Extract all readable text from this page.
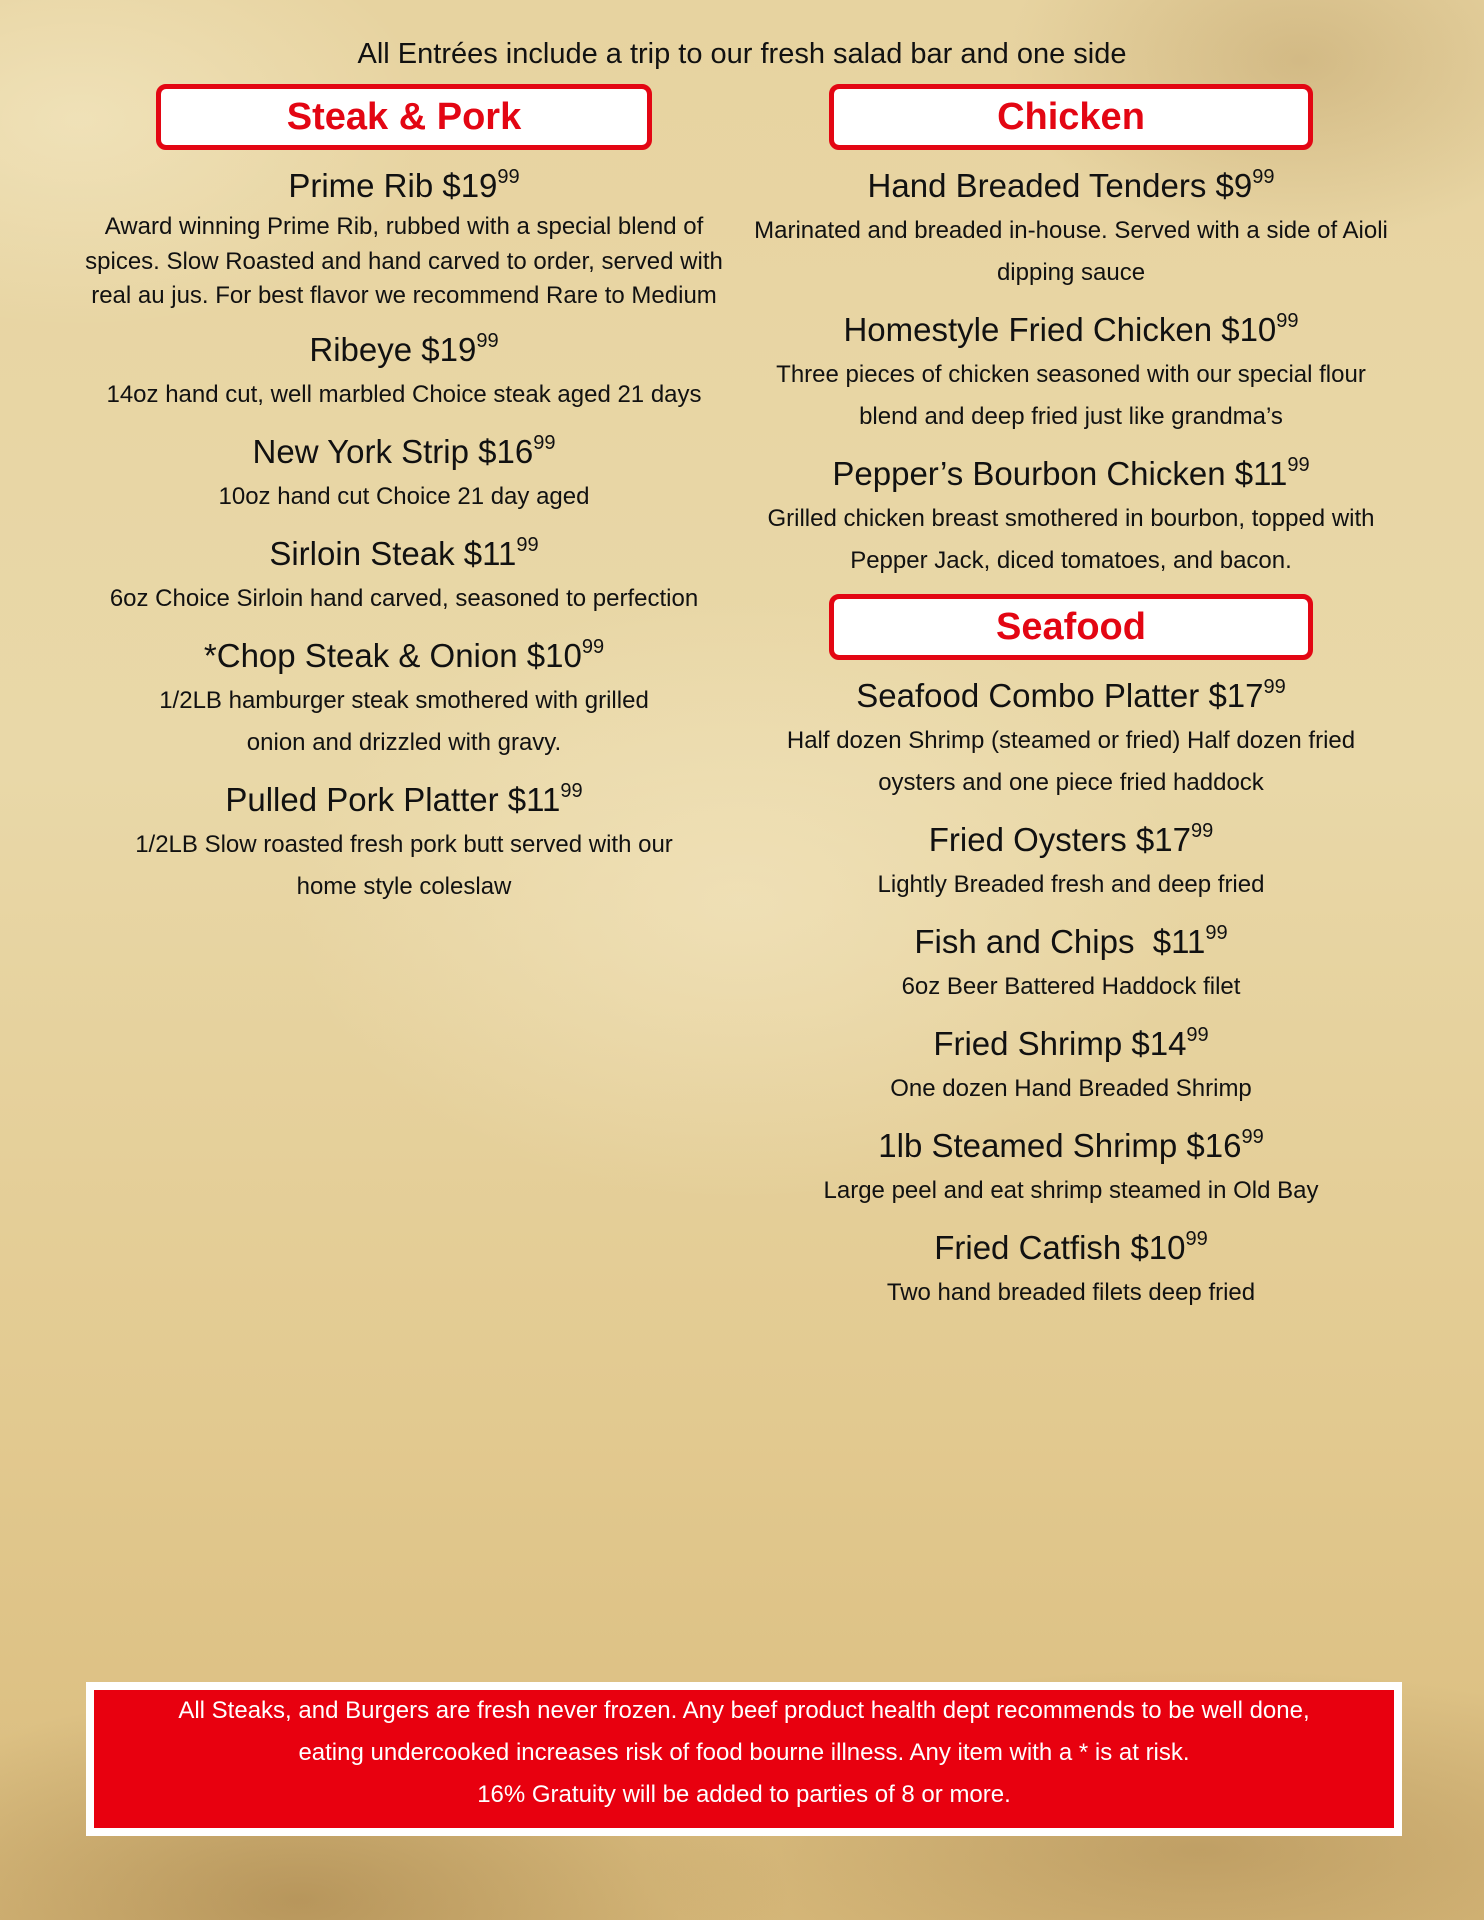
All Entrées include a trip to our fresh salad bar and one side
Steak & Pork

Prime Rib $\$19^{99}$

Award winning Prime Rib, rubbed with a special blend of spices. Slow Roasted and hand carved to order, served with real au jus. For best flavor we recommend Rare to Medium

Ribeye $\$19^{99}$

14oz hand cut, well marbled Choice steak aged 21 days

New York Strip $\$16^{99}$

10oz hand cut Choice 21 day aged

Sirloin Steak $\$11^{99}$

6oz Choice Sirloin hand carved, seasoned to perfection

*Chop Steak & Onion $\$10^{99}$

1/2LB hamburger steak smothered with grilled onion and drizzled with gravy.

Pulled Pork Platter $\$11^{99}$

1/2LB Slow roasted fresh pork butt served with our home style coleslaw

Chicken

Hand Breaded Tenders $\$9^{99}$

Marinated and breaded in-house. Served with a side of Aioli dipping sauce

Homestyle Fried Chicken $\$10^{99}$

Three pieces of chicken seasoned with our special flour blend and deep fried just like grandma’s

Pepper’s Bourbon Chicken $\$11^{99}$

Grilled chicken breast smothered in bourbon, topped with Pepper Jack, diced tomatoes, and bacon.

Seafood

Seafood Combo Platter $\$17^{99}$

Half dozen Shrimp (steamed or fried) Half dozen fried oysters and one piece fried haddock

Fried Oysters $\$17^{99}$

Lightly Breaded fresh and deep fried

Fish and Chips  $\$11^{99}$

6oz Beer Battered Haddock filet

Fried Shrimp $\$14^{99}$

One dozen Hand Breaded Shrimp

1lb Steamed Shrimp $\$16^{99}$

Large peel and eat shrimp steamed in Old Bay

Fried Catfish $\$10^{99}$

Two hand breaded filets deep fried

All Steaks, and Burgers are fresh never frozen. Any beef product health dept recommends to be well done,
eating undercooked increases risk of food bourne illness. Any item with a * is at risk.
16% Gratuity will be added to parties of 8 or more.
